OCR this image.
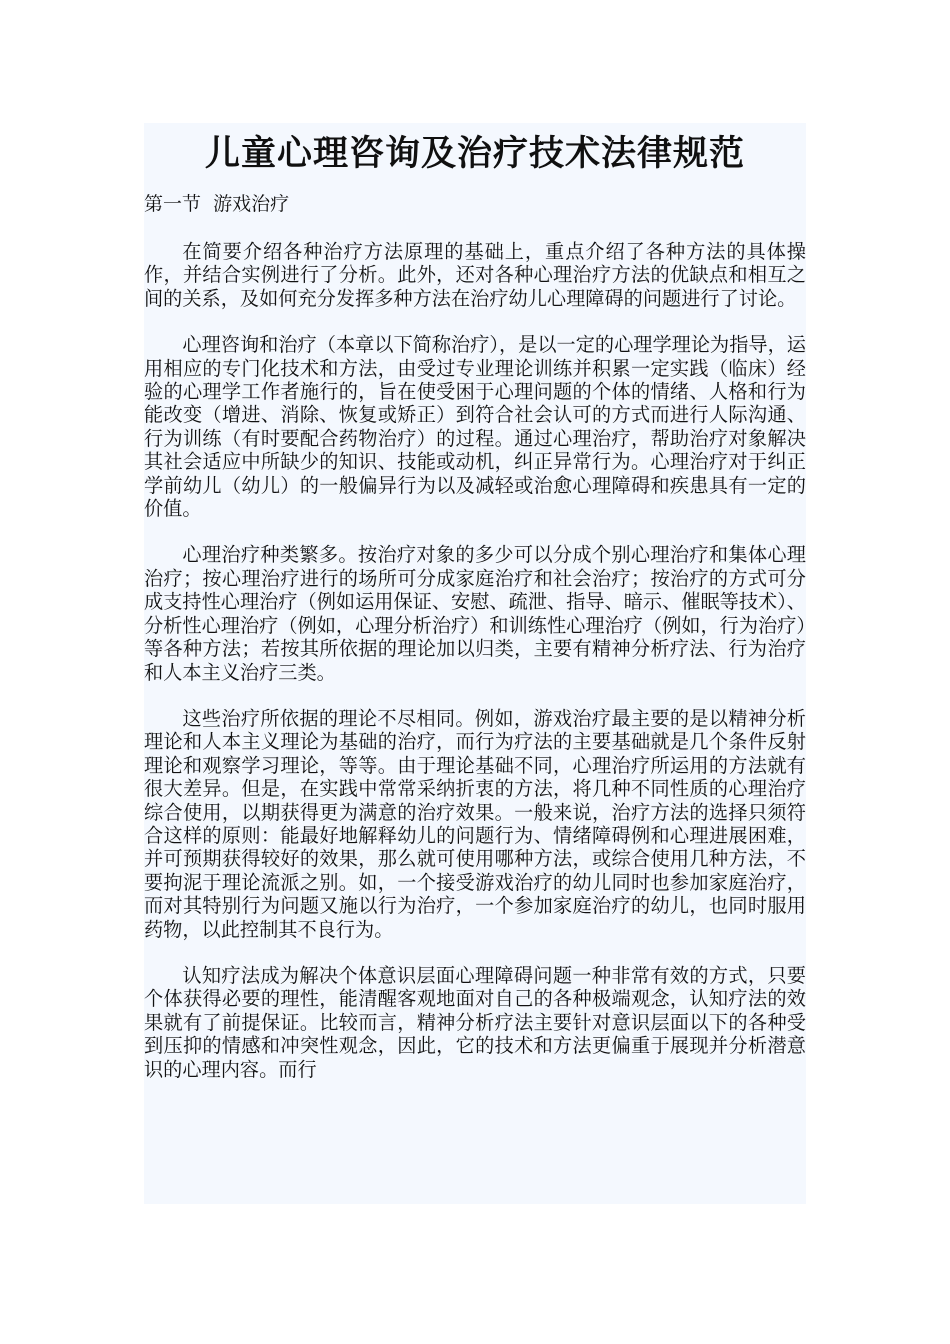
儿童心理咨询及治疗技术法律规范
第一节  游戏治疗

在简要介绍各种治疗方法原理的基础上，重点介绍了各种方法的具体操作，并结合实例进行了分析。此外，还对各种心理治疗方法的优缺点和相互之间的关系，及如何充分发挥多种方法在治疗幼儿心理障碍的问题进行了讨论。

心理咨询和治疗（本章以下简称治疗），是以一定的心理学理论为指导，运用相应的专门化技术和方法，由受过专业理论训练并积累一定实践（临床）经验的心理学工作者施行的，旨在使受困于心理问题的个体的情绪、人格和行为能改变（增进、消除、恢复或矫正）到符合社会认可的方式而进行人际沟通、行为训练（有时要配合药物治疗）的过程。通过心理治疗，帮助治疗对象解决其社会适应中所缺少的知识、技能或动机，纠正异常行为。心理治疗对于纠正学前幼儿（幼儿）的一般偏异行为以及减轻或治愈心理障碍和疾患具有一定的价值。

心理治疗种类繁多。按治疗对象的多少可以分成个别心理治疗和集体心理治疗；按心理治疗进行的场所可分成家庭治疗和社会治疗；按治疗的方式可分成支持性心理治疗（例如运用保证、安慰、疏泄、指导、暗示、催眠等技术）、分析性心理治疗（例如，心理分析治疗）和训练性心理治疗（例如，行为治疗）等各种方法；若按其所依据的理论加以归类，主要有精神分析疗法、行为治疗和人本主义治疗三类。

这些治疗所依据的理论不尽相同。例如，游戏治疗最主要的是以精神分析理论和人本主义理论为基础的治疗，而行为疗法的主要基础就是几个条件反射理论和观察学习理论，等等。由于理论基础不同，心理治疗所运用的方法就有很大差异。但是，在实践中常常采纳折衷的方法，将几种不同性质的心理治疗综合使用，以期获得更为满意的治疗效果。一般来说，治疗方法的选择只须符合这样的原则：能最好地解释幼儿的问题行为、情绪障碍例和心理进展困难，并可预期获得较好的效果，那么就可使用哪种方法，或综合使用几种方法，不要拘泥于理论流派之别。如，一个接受游戏治疗的幼儿同时也参加家庭治疗，而对其特别行为问题又施以行为治疗，一个参加家庭治疗的幼儿，也同时服用药物，以此控制其不良行为。

认知疗法成为解决个体意识层面心理障碍问题一种非常有效的方式，只要个体获得必要的理性，能清醒客观地面对自己的各种极端观念，认知疗法的效果就有了前提保证。比较而言，精神分析疗法主要针对意识层面以下的各种受到压抑的情感和冲突性观念，因此，它的技术和方法更偏重于展现并分析潜意识的心理内容。而行
